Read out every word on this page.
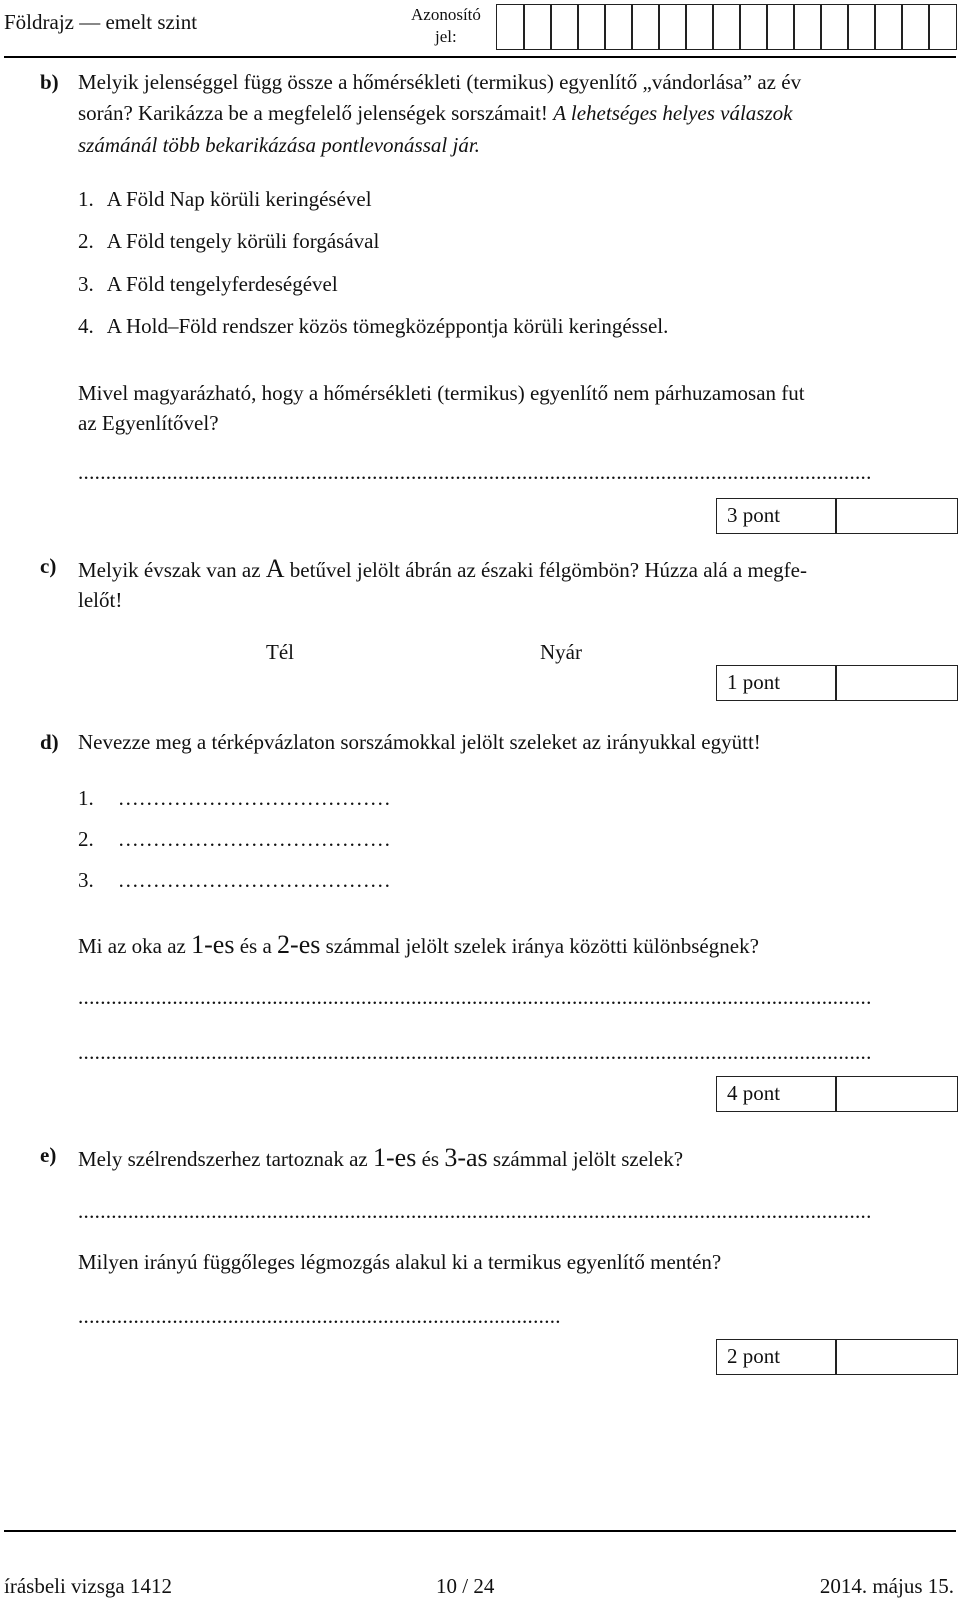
Földrajz — emelt szint	Azonosító
jel:
b) Melyik jelenséggel függ össze a hőmérsékleti (termikus) egyenlítő „vándorlása” az év
során? Karikázza be a megfelelő jelenségek sorszámait! A lehetséges helyes válaszok
számánál több bekarikázása pontlevonással jár.
1. A Föld Nap körüli keringésével
2. A Föld tengely körüli forgásával
3. A Föld tengelyferdeségével
4. A Hold–Föld rendszer közös tömegközéppontja körüli keringéssel.
Mivel magyarázható, hogy a hőmérsékleti (termikus) egyenlítő nem párhuzamosan fut
az Egyenlítővel?
...............................................................................................................................................
3 pont
c) Melyik évszak van az A betűvel jelölt ábrán az északi félgömbön? Húzza alá a megfe-
lelőt!
Tél	Nyár
1 pont
d) Nevezze meg a térképvázlaton sorszámokkal jelölt szeleket az irányukkal együtt!
1. …………………………………
2. …………………………………
3. …………………………………
Mi az oka az 1-es és a 2-es számmal jelölt szelek iránya közötti különbségnek?
...............................................................................................................................................
...............................................................................................................................................
4 pont
e) Mely szélrendszerhez tartoznak az 1-es és 3-as számmal jelölt szelek?
...............................................................................................................................................
Milyen irányú függőleges légmozgás alakul ki a termikus egyenlítő mentén?
.......................................................................................
2 pont
írásbeli vizsga 1412	10 / 24	2014. május 15.
